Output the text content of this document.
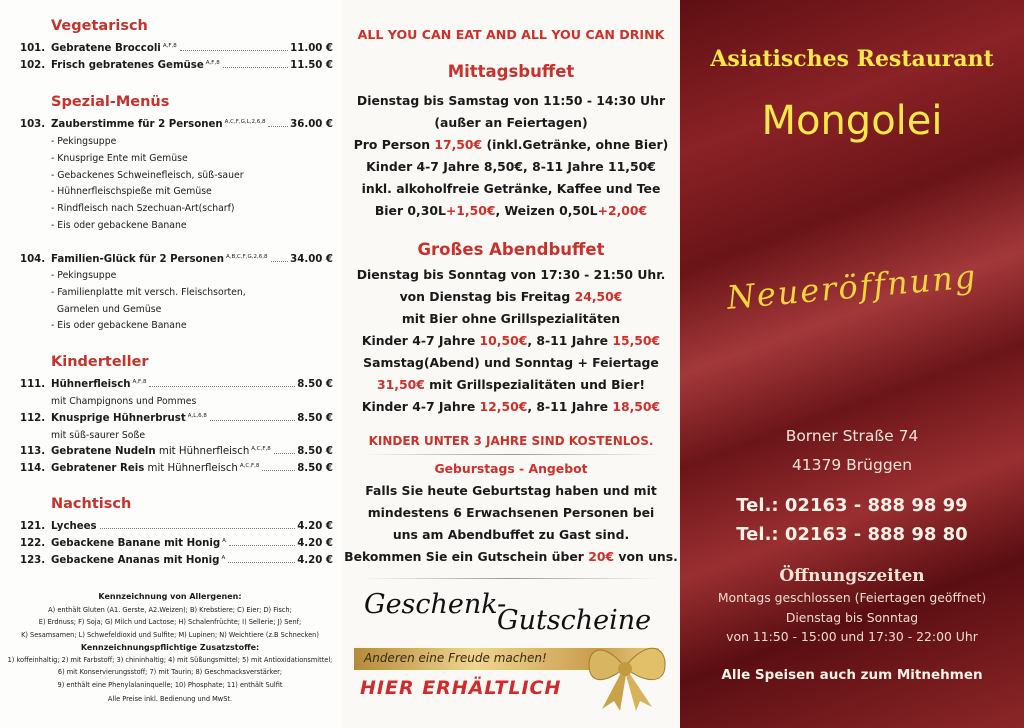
Vegetarisch
Spezial-Menüs
Kinderteller
Nachtisch
101. Gebratene Broccoli $^{A,F,8}$	11.00 €
102. Frisch gebratenes Gemüse $^{A,F,8}$	11.50 €
103. Zauberstimme für 2 Personen $^{A,C,F,G,L,2,6,8}$ 36.00 €
- Pekingsuppe
- Knusprige Ente mit Gemüse
- Gebackenes Schweinefleisch, süß-sauer
- Hühnerfleischspieße mit Gemüse
- Rindfleisch nach Szechuan-Art(scharf)
- Eis oder gebackene Banane
104. Familien-Glück für 2 Personen $^{A,B,C,F,G,2,6,8}$ 34.00 €
- Pekingsuppe
- Familienplatte mit versch. Fleischsorten,
Garnelen und Gemüse
- Eis oder gebackene Banane
111. Hühnerfleisch $^{A,F,8}$	8.50 €
mit Champignons und Pommes
112. Knusprige Hühnerbrust $^{A,L,6,8}$	8.50 €
mit süß-saurer Soße
113. Gebratene Nudeln mit Hühnerfleisch $^{A,C,F,8}$	8.50 €
114. Gebratener Reis mit Hühnerfleisch $^{A,C,F,8}$	8.50 €
121. Lychees	4.20 €
122. Gebackene Banane mit Honig $^A$	4.20 €
123. Gebackene Ananas mit Honig $^A$	4.20 €
Kennzeichnung von Allergenen:
A) enthält Gluten (A1. Gerste, A2.Weizen); B) Krebstiere; C) Eier; D) Fisch;
E) Erdnuss; F) Soja; G) Milch und Lactose; H) Schalenfrüchte; I) Sellerie; J) Senf;
K) Sesamsamen; L) Schwefeldioxid und Sulfite; M) Lupinen; N) Weichtiere (z.B Schnecken)
Kennzeichnungspflichtige Zusatzstoffe:
1) koffeinhaltig; 2) mit Farbstoff; 3) chininhaltig; 4) mit Süßungsmittel; 5) mit Antioxidationsmittel;
6) mit Konservierungsstoff; 7) mit Taurin; 8) Geschmacksverstärker;
9) enthält eine Phenylalaninquelle; 10) Phosphate; 11) enthält Sulfit
Alle Preise inkl. Bedienung und MwSt.
ALL YOU CAN EAT AND ALL YOU CAN DRINK
Mittagsbuffet
Dienstag bis Samstag von 11:50 - 14:30 Uhr
(außer an Feiertagen)
Pro Person 17,50€ (inkl.Getränke, ohne Bier)
Kinder 4-7 Jahre 8,50€, 8-11 Jahre 11,50€
inkl. alkoholfreie Getränke, Kaffee und Tee
Bier 0,30L+1,50€, Weizen 0,50L+2,00€
Großes Abendbuffet
Dienstag bis Sonntag von 17:30 - 21:50 Uhr.
von Dienstag bis Freitag 24,50€
mit Bier ohne Grillspezialitäten
Kinder 4-7 Jahre 10,50€, 8-11 Jahre 15,50€
Samstag(Abend) und Sonntag + Feiertage
31,50€ mit Grillspezialitäten und Bier!
Kinder 4-7 Jahre 12,50€, 8-11 Jahre 18,50€
KINDER UNTER 3 JAHRE SIND KOSTENLOS.
Geburstags - Angebot
Falls Sie heute Geburtstag haben und mit
mindestens 6 Erwachsenen Personen bei
uns am Abendbuffet zu Gast sind.
Bekommen Sie ein Gutschein über 20€ von uns.
Geschenk-
Gutscheine
Anderen eine Freude machen!
HIER ERHÄLTLICH
Asiatisches Restaurant
Mongolei
Neueröffnung
Borner Straße 74
41379 Brüggen
Tel.: 02163 - 888 98 99
Tel.: 02163 - 888 98 80
Öffnungszeiten
Montags geschlossen (Feiertagen geöffnet)
Dienstag bis Sonntag
von 11:50 - 15:00 und 17:30 - 22:00 Uhr
Alle Speisen auch zum Mitnehmen
